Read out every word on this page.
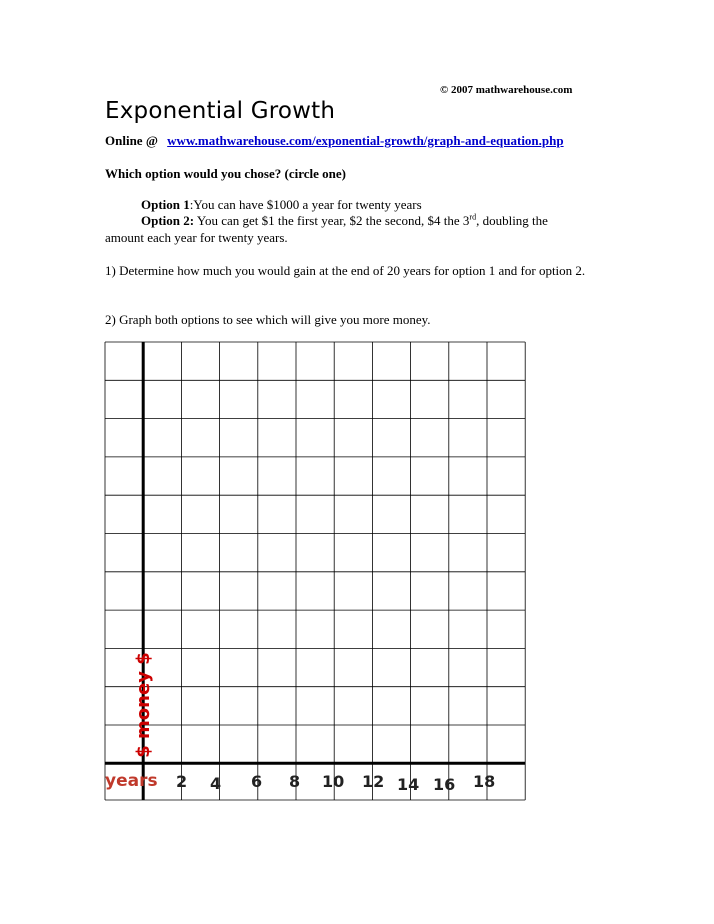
© 2007 mathwarehouse.com
Exponential Growth
Online @ www.mathwarehouse.com/exponential-growth/graph-and-equation.php
Which option would you chose? (circle one)
Option 1:You can have $1000 a year for twenty years
Option 2: You can get $1 the first year, $2 the second, $4 the 3rd, doubling the
amount each year for twenty years.
1) Determine how much you would gain at the end of 20 years for option 1 and for option 2.
2) Graph both options to see which will give you more money.
$ money $
years 2 4 6 8 10 12 14 16 18
